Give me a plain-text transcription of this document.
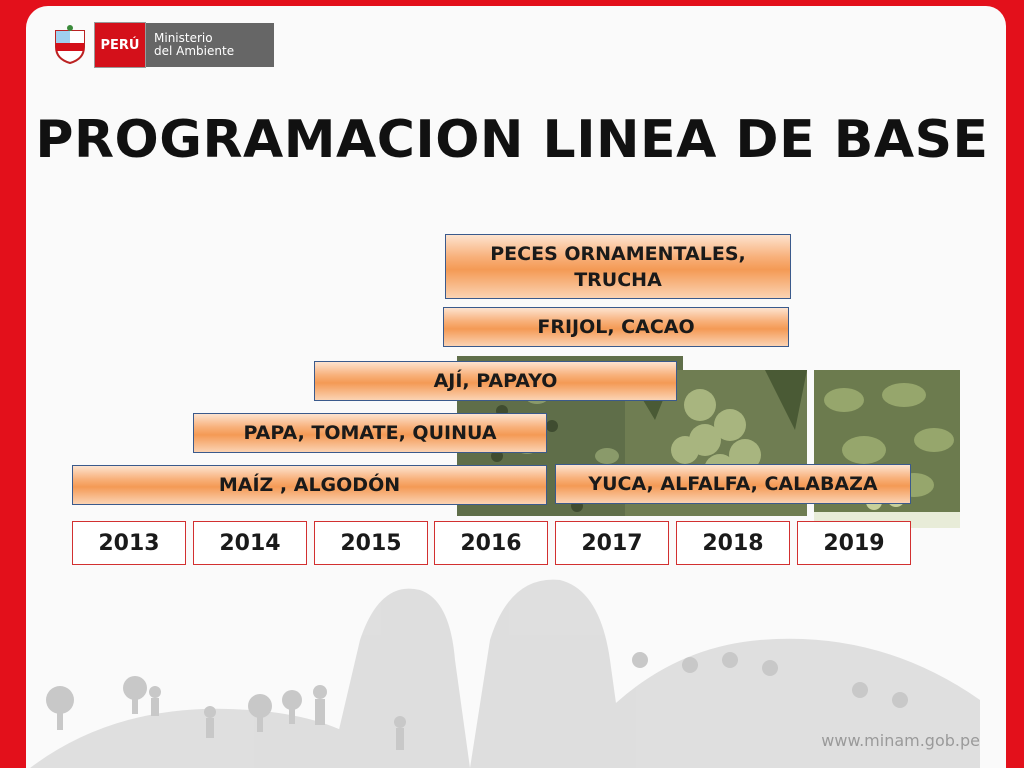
PERÚ	Ministerio
del Ambiente
PROGRAMACION LINEA DE BASE
PECES ORNAMENTALES, TRUCHA
FRIJOL, CACAO
AJÍ, PAPAYO
PAPA, TOMATE, QUINUA
MAÍZ , ALGODÓN	YUCA, ALFALFA, CALABAZA
2013	2014	2015	2016	2017	2018	2019
www.minam.gob.pe
